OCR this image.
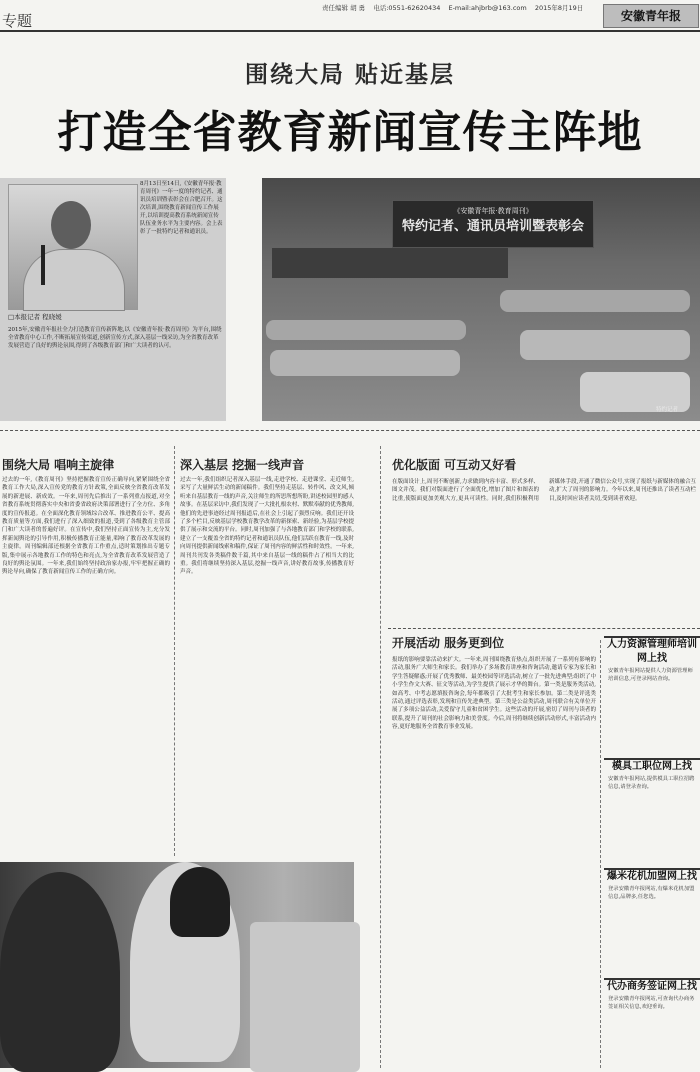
专题
责任编辑 胡 勇 电话:0551-62620434 E-mail:ahjbrb@163.com 2015年8月19日
安徽青年报
围绕大局 贴近基层
打造全省教育新闻宣传主阵地
8月13日至14日,《安徽青年报·教育周刊》一年一度的特约记者、通讯员培训暨表彰会在合肥召开。这次培训,围绕教育新闻宣传工作展开,以培训提高教育系统新闻宣传队伍业务水平为主要内容。会上表彰了一批特约记者和通讯员。
□本报记者 程晓媛
2015年,安徽青年报社全力打造教育宣传新阵地,以《安徽青年报·教育周刊》为平台,围绕全省教育中心工作,不断拓展宣传渠道,创新宣传方式,深入基层一线采访,为全省教育改革发展营造了良好的舆论氛围,得到了各级教育部门和广大读者的认可。
《安徽青年报·教育周刊》
特约记者、通讯员培训暨表彰会
特约记者
围绕大局 唱响主旋律
过去的一年,《教育周刊》坚持把握教育宣传正确导向,紧紧围绕全省教育工作大局,深入宣传党的教育方针政策,全面反映全省教育改革发展的新进展、新成效。一年来,周刊先后推出了一系列重点报道,对全省教育系统贯彻落实中央和省委省政府决策部署进行了全方位、多角度的宣传报道。在全面深化教育领域综合改革、推进教育公平、提高教育质量等方面,我们进行了深入细致的报道,受到了各级教育主管部门和广大读者的普遍好评。在宣传中,我们坚持正面宣传为主,充分发挥新闻舆论的引导作用,积极传播教育正能量,唱响了教育改革发展的主旋律。周刊编辑部还根据全省教育工作重点,适时策划推出专题专版,集中展示各地教育工作的特色和亮点,为全省教育改革发展营造了良好的舆论氛围。一年来,我们始终坚持政治家办报,牢牢把握正确的舆论导向,确保了教育新闻宣传工作的正确方向。
深入基层 挖掘一线声音
过去一年,我们组织记者深入基层一线,走进学校、走进课堂、走近师生,采写了大量鲜活生动的新闻稿件。我们坚持走基层、转作风、改文风,倾听来自基层教育一线的声音,关注师生的所思所想所盼,讲述校园里的感人故事。在基层采访中,我们发现了一大批扎根农村、默默奉献的优秀教师,他们的先进事迹经过周刊报道后,在社会上引起了强烈反响。我们还开设了多个栏目,反映基层学校教育教学改革的新探索、新经验,为基层学校提供了展示和交流的平台。同时,周刊加强了与各地教育部门和学校的联系,建立了一支覆盖全省的特约记者和通讯员队伍,他们活跃在教育一线,及时向周刊提供新闻线索和稿件,保证了周刊内容的鲜活性和时效性。一年来,周刊共刊发各类稿件数千篇,其中来自基层一线的稿件占了相当大的比重。我们将继续坚持深入基层,挖掘一线声音,讲好教育故事,传播教育好声音。
优化版面 可互动又好看
在版面设计上,周刊不断创新,力求做到内容丰富、形式多样、图文并茂。我们对版面进行了全面优化,增加了图片和图表的比重,使版面更加美观大方,更具可读性。同时,我们积极利用新媒体手段,开通了微信公众号,实现了报纸与新媒体的融合互动,扩大了周刊的影响力。今年以来,周刊还推出了读者互动栏目,及时回应读者关切,受到读者欢迎。
开展活动 服务更到位
报纸的影响要靠活动来扩大。一年来,周刊围绕教育热点,组织开展了一系列有影响的活动,服务广大师生和家长。我们举办了多场教育讲座和咨询活动,邀请专家为家长和学生答疑解惑;开展了优秀教师、最美校园等评选活动,树立了一批先进典型;组织了中小学生作文大赛、征文等活动,为学生提供了展示才华的舞台。第一类是服务类活动,如高考、中考志愿填报咨询会,每年都吸引了大批考生和家长参加。第二类是评选类活动,通过评选表彰,发现和宣传先进典型。第三类是公益类活动,周刊联合有关单位开展了多项公益活动,关爱留守儿童和贫困学生。这些活动的开展,密切了周刊与读者的联系,提升了周刊的社会影响力和美誉度。今后,周刊将继续创新活动形式,丰富活动内容,更好地服务全省教育事业发展。
人力资源管理师培训网上找
安徽青年报网站提供人力资源管理师培训信息,可登录网站查询。
模具工职位网上找
安徽青年报网站,提供模具工职位招聘信息,请登录查询。
爆米花机加盟网上找
登录安徽青年报网站,有爆米花机加盟信息,品牌多,任您选。
代办商务签证网上找
登录安徽青年报网站,可查询代办商务签证相关信息,欢迎垂询。
